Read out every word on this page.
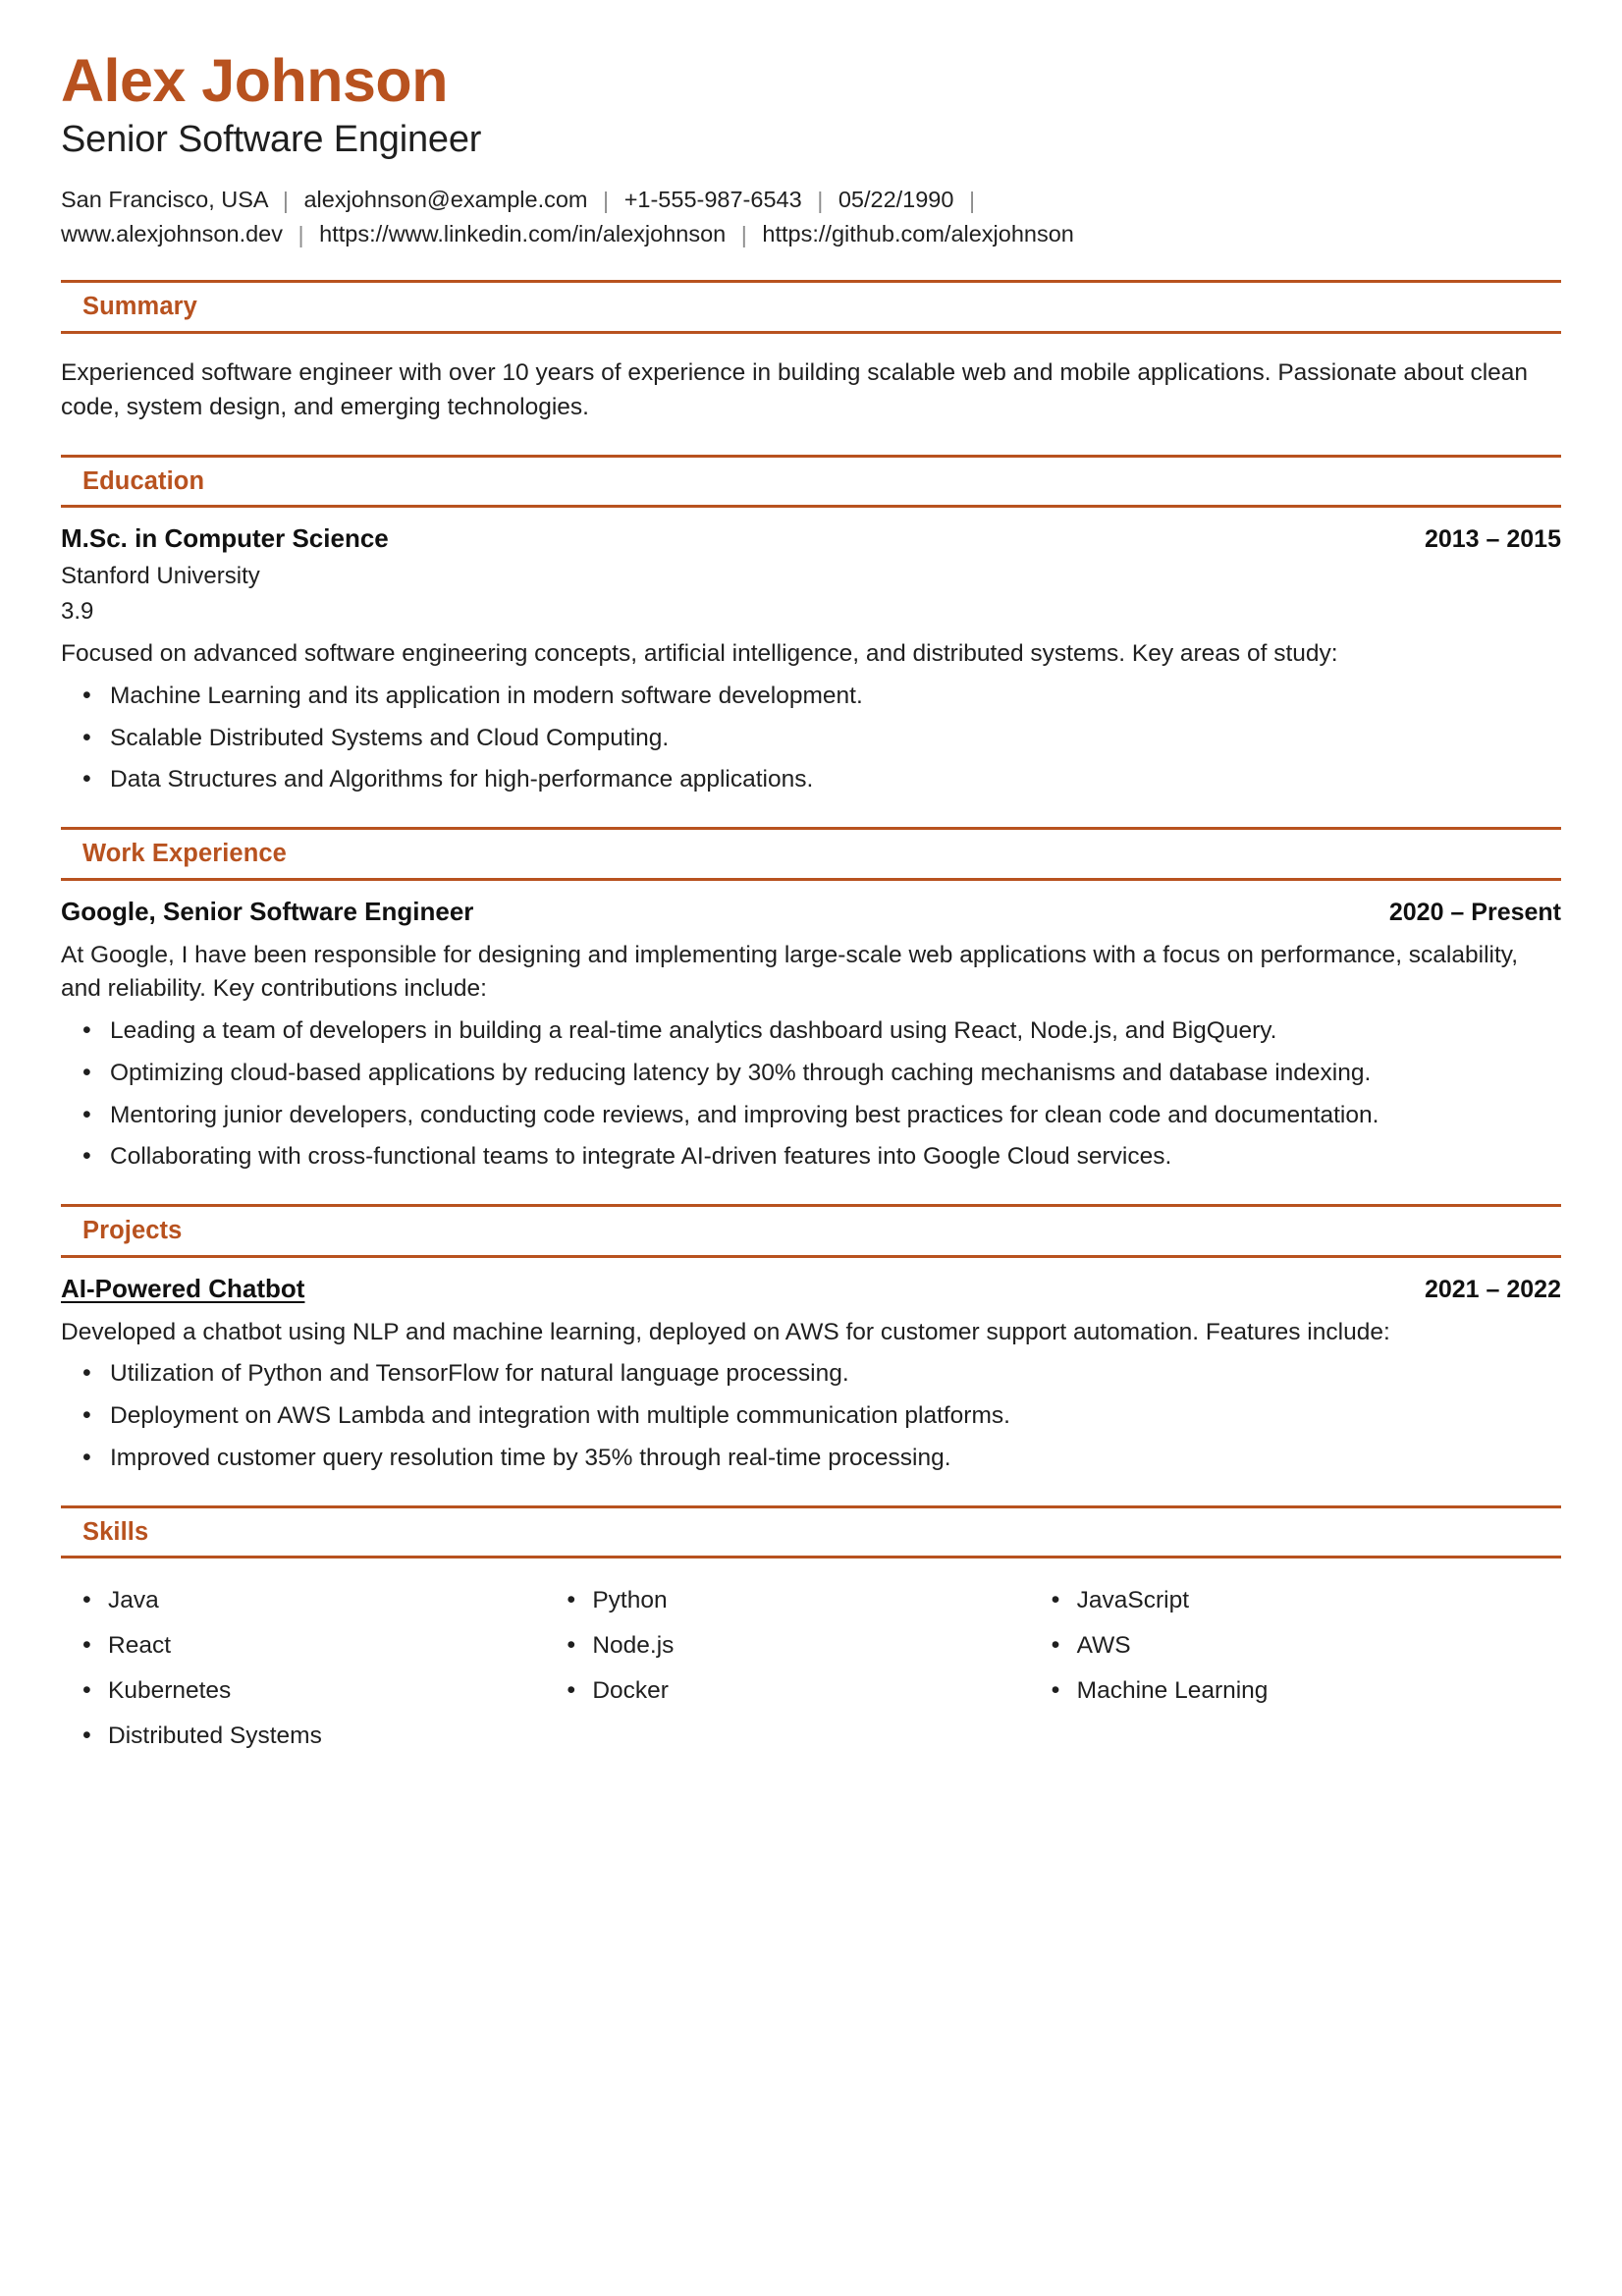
Alex Johnson
Senior Software Engineer
San Francisco, USA | alexjohnson@example.com | +1-555-987-6543 | 05/22/1990 |
www.alexjohnson.dev | https://www.linkedin.com/in/alexjohnson | https://github.com/alexjohnson
Summary

Experienced software engineer with over 10 years of experience in building scalable web and mobile applications. Passionate about clean code, system design, and emerging technologies.

Education
M.Sc. in Computer Science	2013 – 2015
Stanford University
3.9

Focused on advanced software engineering concepts, artificial intelligence, and distributed systems. Key areas of study:

• Machine Learning and its application in modern software development.
• Scalable Distributed Systems and Cloud Computing.
• Data Structures and Algorithms for high-performance applications.
Work Experience
Google, Senior Software Engineer	2020 – Present

At Google, I have been responsible for designing and implementing large-scale web applications with a focus on performance, scalability, and reliability. Key contributions include:

• Leading a team of developers in building a real-time analytics dashboard using React, Node.js, and BigQuery.
• Optimizing cloud-based applications by reducing latency by 30% through caching mechanisms and database indexing.
• Mentoring junior developers, conducting code reviews, and improving best practices for clean code and documentation.
• Collaborating with cross-functional teams to integrate AI-driven features into Google Cloud services.
Projects
AI-Powered Chatbot	2021 – 2022

Developed a chatbot using NLP and machine learning, deployed on AWS for customer support automation. Features include:

• Utilization of Python and TensorFlow for natural language processing.
• Deployment on AWS Lambda and integration with multiple communication platforms.
• Improved customer query resolution time by 35% through real-time processing.
Skills
• Java
• React
• Kubernetes
• Distributed Systems
• Python
• Node.js
• Docker
• JavaScript
• AWS
• Machine Learning
